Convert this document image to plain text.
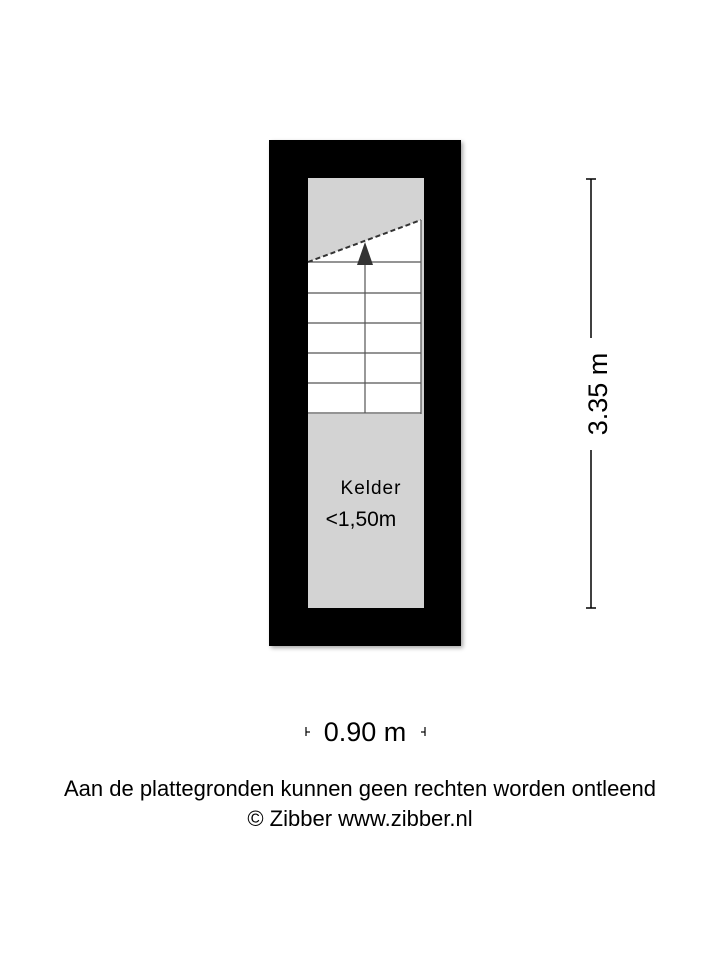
Kelder
<1,50m
3.35 m
0.90 m
Aan de plattegronden kunnen geen rechten worden ontleend
© Zibber www.zibber.nl
